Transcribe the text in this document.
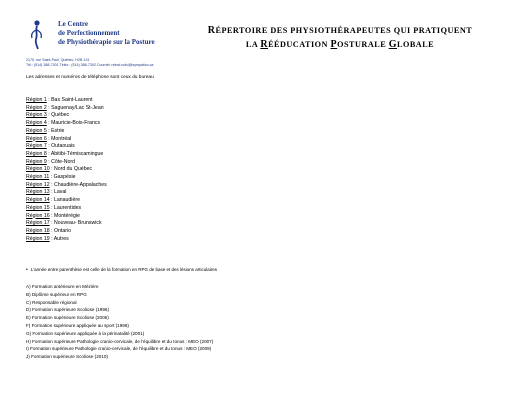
Le Centre
de Perfectionnement
de Physiothérapie sur la Posture
2175, rue Saint-Paul, Québec, H2B 1J4
Tél.: (514) 388-7301 Téléc.: (514) 388-7302 Courriel: reinst.rcdvl@sympatico.ca
RÉPERTOIRE DES PHYSIOTHÉRAPEUTES QUI PRATIQUENT
LA RÉÉDUCATION POSTURALE GLOBALE
Les adresses et numéros de téléphone sont ceux du bureau
Région 1 : Bas Saint-Laurent
Région 2 : Saguenay/Lac St-Jean
Région 3 : Québec
Région 4 : Mauricie-Bois-Francs
Région 5 : Estrie
Région 6 : Montréal
Région 7 : Outaouais
Région 8 : Abitibi-Témiscamingue
Région 9 : Côte-Nord
Région 10 : Nord du Québec
Région 11 : Gaspésie
Région 12 : Chaudière-Appalaches
Région 13 : Laval
Région 14 : Lanaudière
Région 15 : Laurentides
Région 16 : Montérégie
Région 17 : Nouveau- Brunswick
Région 18 : Ontario
Région 19 : Autres
• L'année entre parenthèse est celle de la formation en RPG de base et des lésions articulaires
A) Formation antérieure en Mézière
B) Diplôme supérieur en RPG
C) Responsable régional
D) Formation supérieure Scoliose (1996)
E) Formation supérieure Scoliose (2006)
F) Formation supérieure appliquée au sport (1998)
G) Formation supérieure appliquée à la périnatalité (2001)
H) Formation supérieure Pathologie cranio-cervicale, de l'équilibre et du tonus : MEO (2007)
I) Formation supérieure Pathologie cranio-cervicale, de l'équilibre et du tonus : MEO (2009)
J) Formation supérieure Scoliose (2010)
